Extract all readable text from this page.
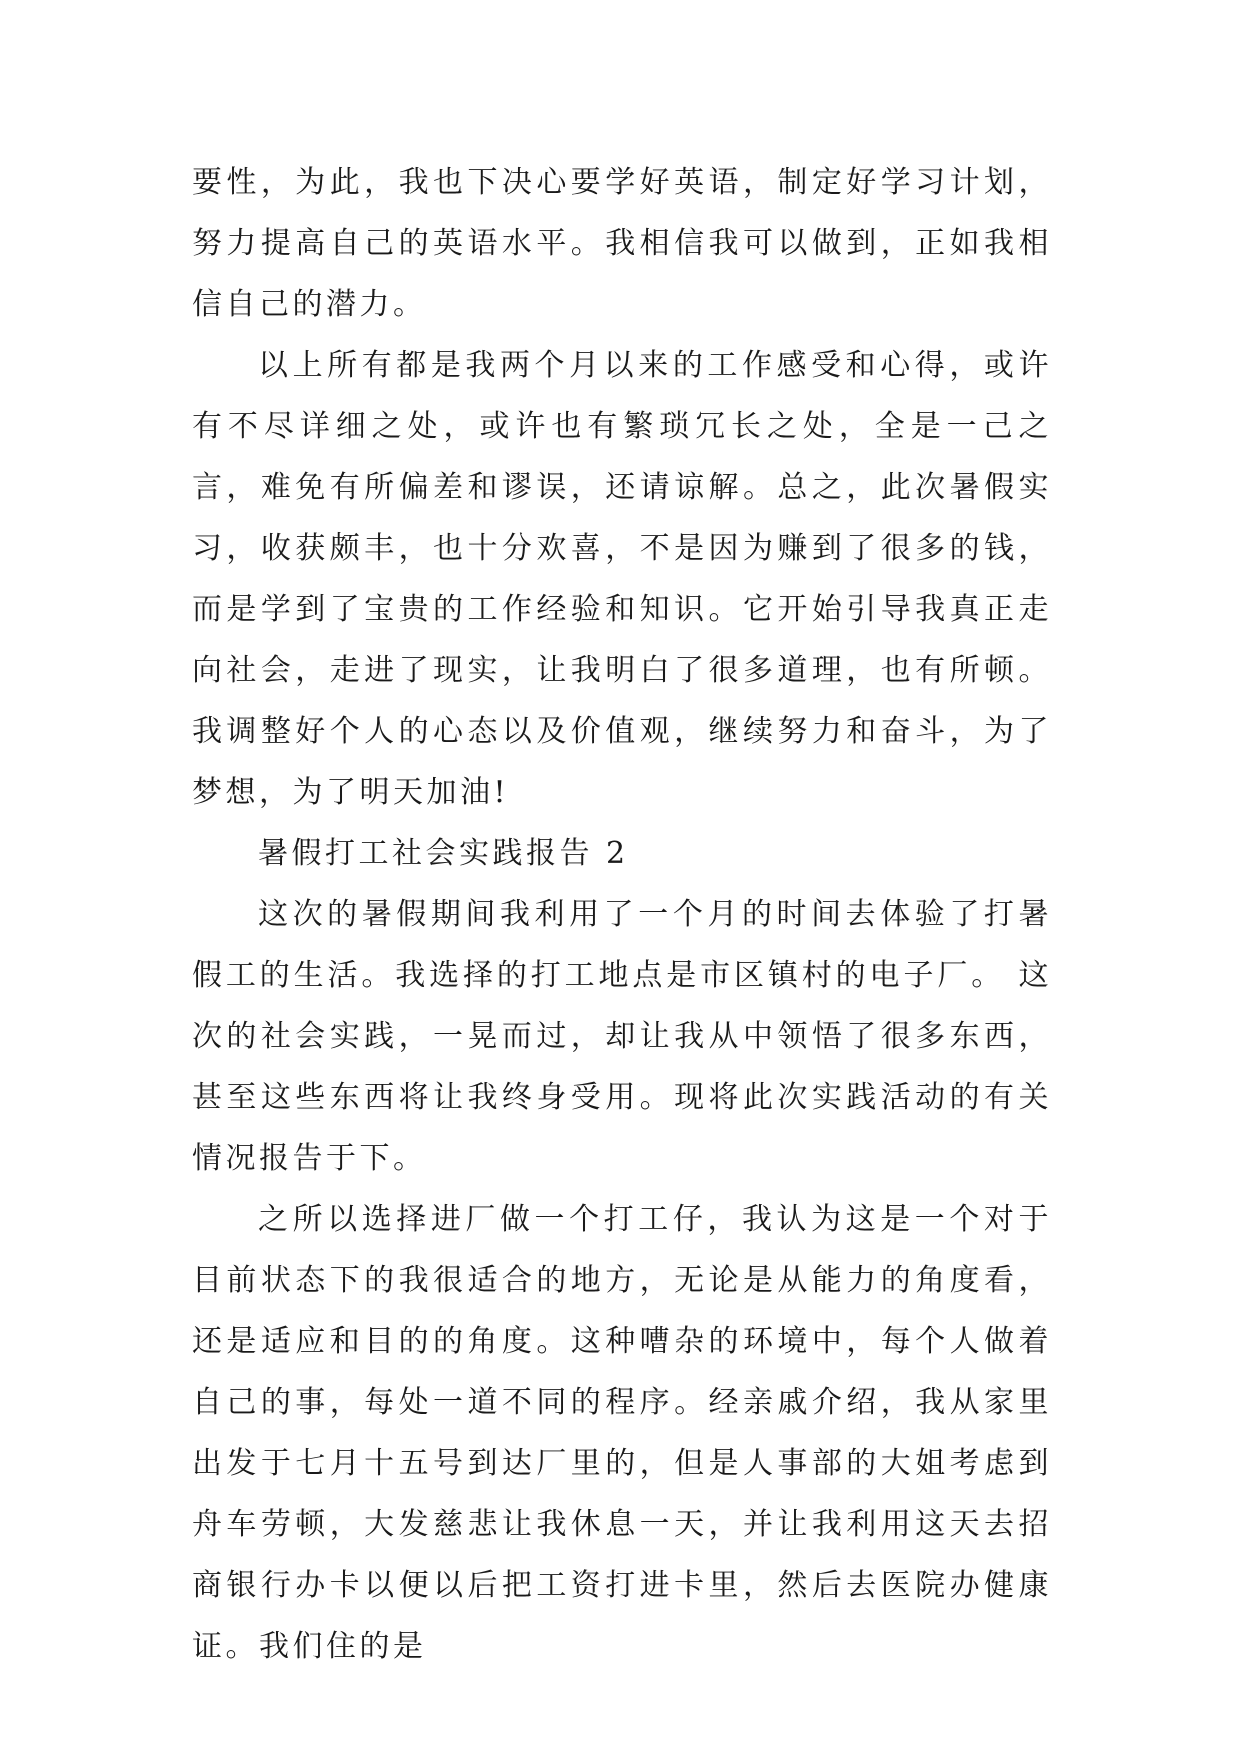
要性，为此，我也下决心要学好英语，制定好学习计划，努力提高自己的英语水平。我相信我可以做到，正如我相信自己的潜力。

以上所有都是我两个月以来的工作感受和心得，或许有不尽详细之处，或许也有繁琐冗长之处，全是一己之言，难免有所偏差和谬误，还请谅解。总之，此次暑假实习，收获颇丰，也十分欢喜，不是因为赚到了很多的钱，而是学到了宝贵的工作经验和知识。它开始引导我真正走向社会，走进了现实，让我明白了很多道理，也有所顿。我调整好个人的心态以及价值观，继续努力和奋斗，为了梦想，为了明天加油!

暑假打工社会实践报告 2

这次的暑假期间我利用了一个月的时间去体验了打暑假工的生活。我选择的打工地点是市区镇村的电子厂。 这次的社会实践，一晃而过，却让我从中领悟了很多东西，甚至这些东西将让我终身受用。现将此次实践活动的有关情况报告于下。

之所以选择进厂做一个打工仔，我认为这是一个对于目前状态下的我很适合的地方，无论是从能力的角度看，还是适应和目的的角度。这种嘈杂的环境中，每个人做着自己的事，每处一道不同的程序。经亲戚介绍，我从家里出发于七月十五号到达厂里的，但是人事部的大姐考虑到舟车劳顿，大发慈悲让我休息一天，并让我利用这天去招商银行办卡以便以后把工资打进卡里，然后去医院办健康证。我们住的是
